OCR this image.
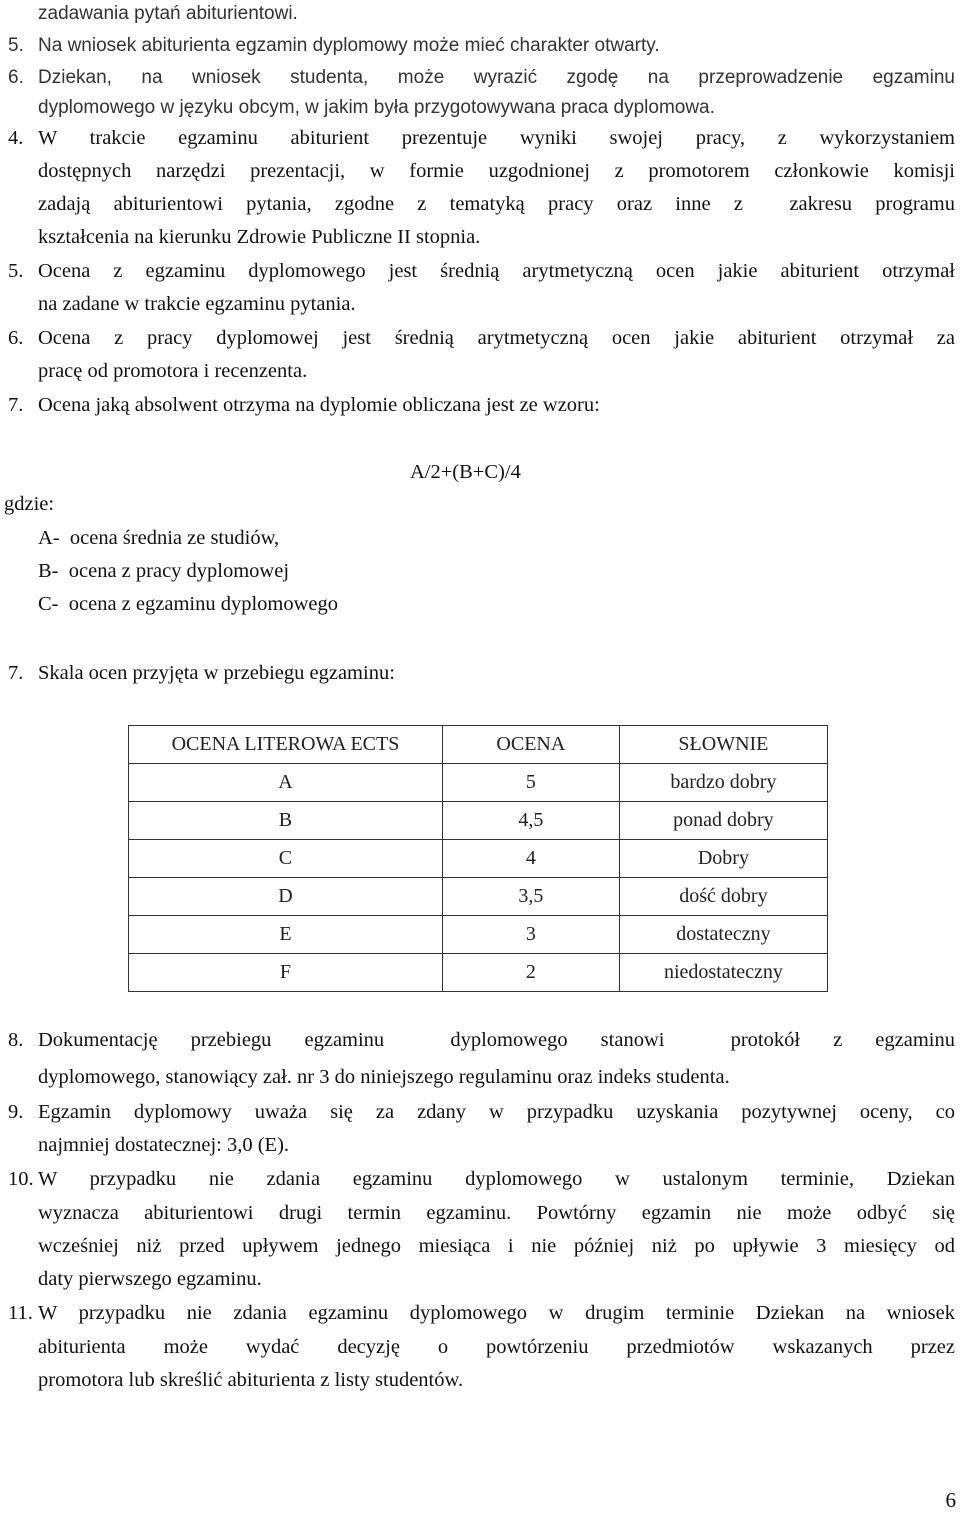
zadawania pytań abiturientowi.
5. Na wniosek abiturienta egzamin dyplomowy może mieć charakter otwarty.
6. Dziekan, na wniosek studenta, może wyrazić zgodę na przeprowadzenie egzaminu
dyplomowego w języku obcym, w jakim była przygotowywana praca dyplomowa.
4. W trakcie egzaminu abiturient prezentuje wyniki swojej pracy, z wykorzystaniem
dostępnych narzędzi prezentacji, w formie uzgodnionej z promotorem członkowie komisji
zadają abiturientowi pytania, zgodne z tematyką pracy oraz inne z  zakresu programu
kształcenia na kierunku Zdrowie Publiczne II stopnia.
5. Ocena z egzaminu dyplomowego jest średnią arytmetyczną ocen jakie abiturient otrzymał
na zadane w trakcie egzaminu pytania.
6. Ocena z pracy dyplomowej jest średnią arytmetyczną ocen jakie abiturient otrzymał za
pracę od promotora i recenzenta.
7. Ocena jaką absolwent otrzyma na dyplomie obliczana jest ze wzoru:
A/2+(B+C)/4
gdzie:
A-  ocena średnia ze studiów,
B-  ocena z pracy dyplomowej
C-  ocena z egzaminu dyplomowego
7. Skala ocen przyjęta w przebiegu egzaminu:
OCENA LITEROWA ECTS	OCENA	SŁOWNIE
A	5	bardzo dobry
B	4,5	ponad dobry
C	4	Dobry
D	3,5	dość dobry
E	3	dostateczny
F	2	niedostateczny
8. Dokumentację przebiegu egzaminu  dyplomowego stanowi  protokół z egzaminu
dyplomowego, stanowiący zał. nr 3 do niniejszego regulaminu oraz indeks studenta.
9. Egzamin dyplomowy uważa się za zdany w przypadku uzyskania pozytywnej oceny, co
najmniej dostatecznej: 3,0 (E).
10. W przypadku nie zdania egzaminu dyplomowego w ustalonym terminie, Dziekan
wyznacza abiturientowi drugi termin egzaminu. Powtórny egzamin nie może odbyć się
wcześniej niż przed upływem jednego miesiąca i nie później niż po upływie 3 miesięcy od
daty pierwszego egzaminu.
11. W przypadku nie zdania egzaminu dyplomowego w drugim terminie Dziekan na wniosek
abiturienta może wydać decyzję o powtórzeniu przedmiotów wskazanych przez
promotora lub skreślić abiturienta z listy studentów.
6
